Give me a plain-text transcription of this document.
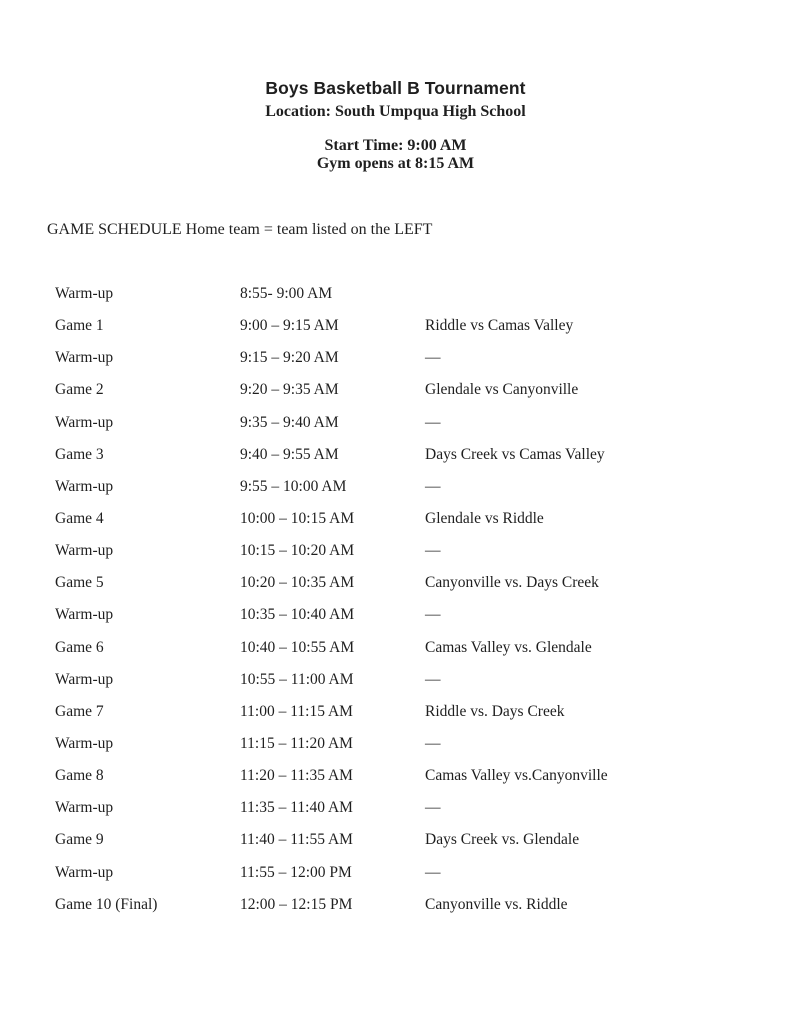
Boys Basketball B Tournament
Location: South Umpqua High School
Start Time: 9:00 AM
Gym opens at 8:15 AM
GAME SCHEDULE Home team = team listed on the LEFT
Warm-up	8:55- 9:00 AM
Game 1	9:00 – 9:15 AM	Riddle vs Camas Valley
Warm-up	9:15 – 9:20 AM	—
Game 2	9:20 – 9:35 AM	Glendale vs Canyonville
Warm-up	9:35 – 9:40 AM	—
Game 3	9:40 – 9:55 AM	Days Creek vs Camas Valley
Warm-up	9:55 – 10:00 AM	—
Game 4	10:00 – 10:15 AM	Glendale vs Riddle
Warm-up	10:15 – 10:20 AM	—
Game 5	10:20 – 10:35 AM	Canyonville vs. Days Creek
Warm-up	10:35 – 10:40 AM	—
Game 6	10:40 – 10:55 AM	Camas Valley vs. Glendale
Warm-up	10:55 – 11:00 AM	—
Game 7	11:00 – 11:15 AM	Riddle vs. Days Creek
Warm-up	11:15 – 11:20 AM	—
Game 8	11:20 – 11:35 AM	Camas Valley vs.Canyonville
Warm-up	11:35 – 11:40 AM	—
Game 9	11:40 – 11:55 AM	Days Creek vs. Glendale
Warm-up	11:55 – 12:00 PM	—
Game 10 (Final)	12:00 – 12:15 PM	Canyonville vs. Riddle
